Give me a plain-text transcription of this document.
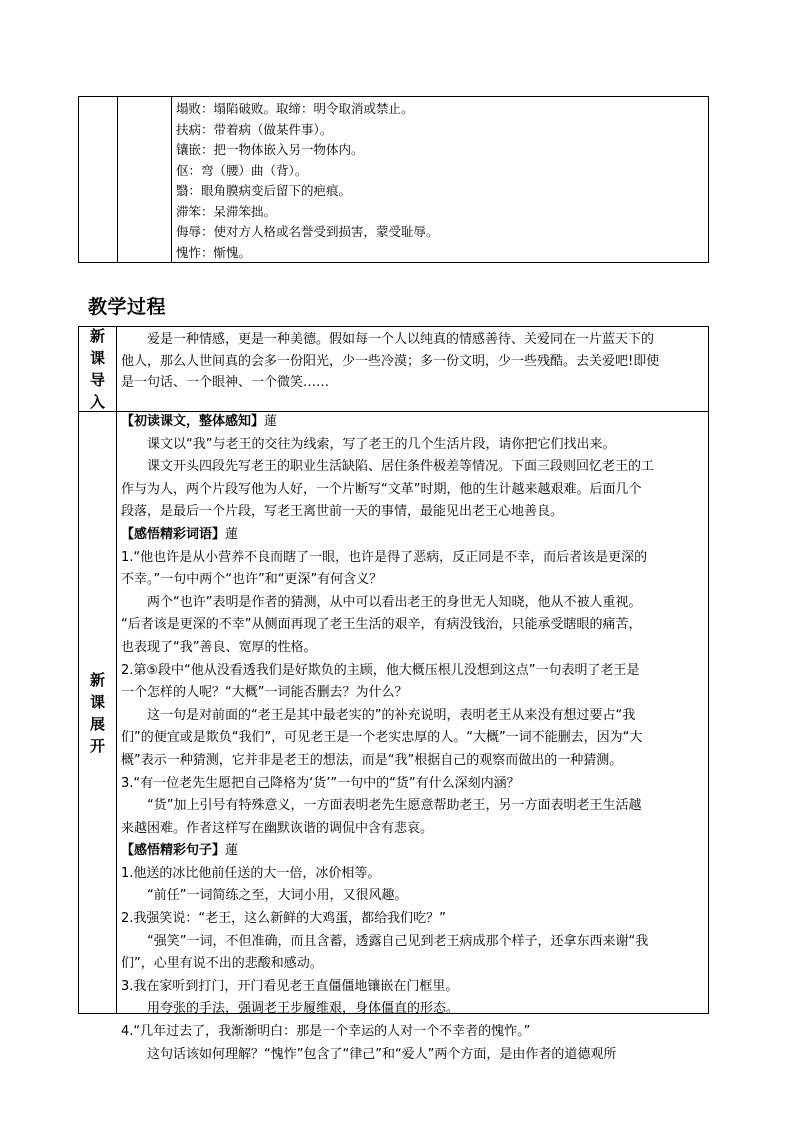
塌败：塌陷破败。取缔：明令取消或禁止。
扶病：带着病（做某件事）。
镶嵌：把一物体嵌入另一物体内。
伛：弯（腰）曲（背）。
翳：眼角膜病变后留下的疤痕。
滞笨：呆滞笨拙。
侮辱：使对方人格或名誉受到损害，蒙受耻辱。
愧怍：惭愧。
教学过程
新
课
导
入
爱是一种情感，更是一种美德。假如每一个人以纯真的情感善待、关爱同在一片蓝天下的
他人，那么人世间真的会多一份阳光，少一些冷漠；多一份文明，少一些残酷。去关爱吧!即使
是一句话、一个眼神、一个微笑……
新
课
展
开
【初读课文，整体感知】蓮
课文以“我”与老王的交往为线索，写了老王的几个生活片段，请你把它们找出来。
课文开头四段先写老王的职业生活缺陷、居住条件极差等情况。下面三段则回忆老王的工
作与为人，两个片段写他为人好，一个片断写“文革”时期，他的生计越来越艰难。后面几个
段落，是最后一个片段，写老王离世前一天的事情，最能见出老王心地善良。
【感悟精彩词语】蓮
1.“他也许是从小营养不良而瞎了一眼，也许是得了恶病，反正同是不幸，而后者该是更深的
不幸。”一句中两个“也许”和“更深”有何含义？
两个“也许”表明是作者的猜测，从中可以看出老王的身世无人知晓，他从不被人重视。
“后者该是更深的不幸”从侧面再现了老王生活的艰辛，有病没钱治，只能承受瞎眼的痛苦，
也表现了“我”善良、宽厚的性格。
2.第⑤段中“他从没看透我们是好欺负的主顾，他大概压根儿没想到这点”一句表明了老王是
一个怎样的人呢？“大概”一词能否删去？为什么？
这一句是对前面的“老王是其中最老实的”的补充说明，表明老王从来没有想过要占“我
们”的便宜或是欺负“我们”，可见老王是一个老实忠厚的人。“大概”一词不能删去，因为“大
概”表示一种猜测，它并非是老王的想法，而是“我”根据自己的观察而做出的一种猜测。
3.“有一位老先生愿把自己降格为‘货’”一句中的“货”有什么深刻内涵？
“货”加上引号有特殊意义，一方面表明老先生愿意帮助老王，另一方面表明老王生活越
来越困难。作者这样写在幽默诙谐的调侃中含有悲哀。
【感悟精彩句子】蓮
1.他送的冰比他前任送的大一倍，冰价相等。
“前任”一词简练之至，大词小用，又很风趣。
2.我强笑说：“老王，这么新鲜的大鸡蛋，都给我们吃？”
“强笑”一词，不但准确，而且含蓄，透露自己见到老王病成那个样子，还拿东西来谢“我
们”，心里有说不出的悲酸和感动。
3.我在家听到打门，开门看见老王直僵僵地镶嵌在门框里。
用夸张的手法，强调老王步履维艰，身体僵直的形态。
4.“几年过去了，我渐渐明白：那是一个幸运的人对一个不幸者的愧怍。”
这句话该如何理解？“愧怍”包含了“律己”和“爱人”两个方面，是由作者的道德观所
